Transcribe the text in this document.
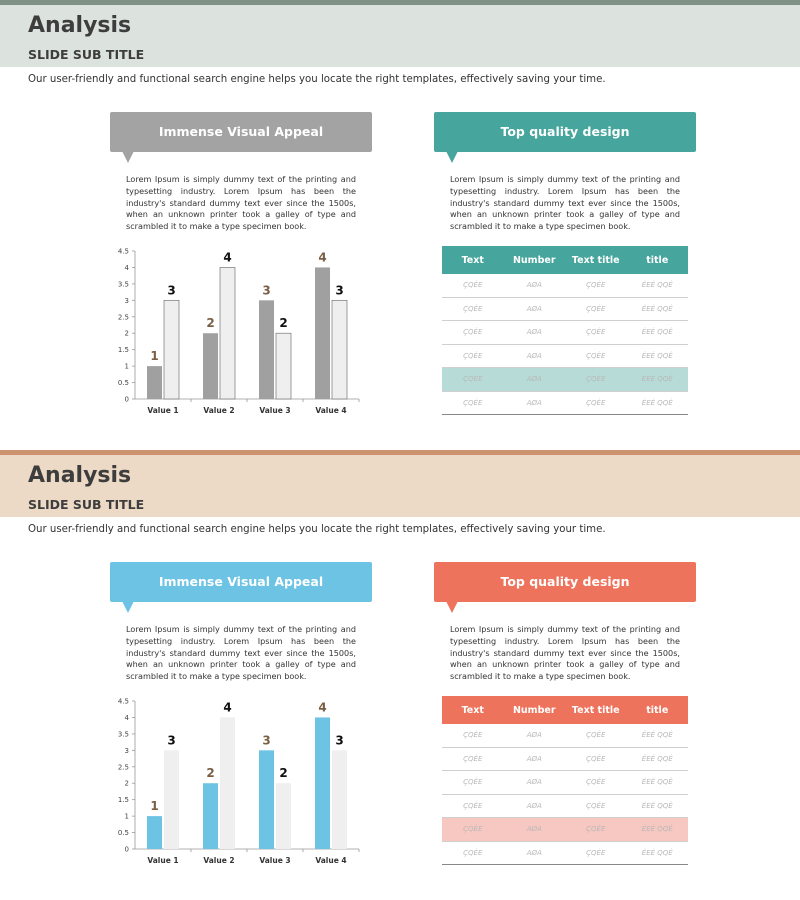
Analysis
SLIDE SUB TITLE
Our user-friendly and functional search engine helps you locate the right templates, effectively saving your time.
Immense Visual Appeal	Top quality design

Lorem Ipsum is simply dummy text of the printing and typesetting industry. Lorem Ipsum has been the industry's standard dummy text ever since the 1500s, when an unknown printer took a galley of type and scrambled it to make a type specimen book.

Lorem Ipsum is simply dummy text of the printing and typesetting industry. Lorem Ipsum has been the industry's standard dummy text ever since the 1500s, when an unknown printer took a galley of type and scrambled it to make a type specimen book.

0
0.5
1
1.5
2
2.5
3
3.5
4
4.5
Value 1
1
3
Value 2
2
4
Value 3
3
2
Value 4
4
3
Text	Number	Text title	title
ÇQÉE	AØA	ÇQÉE	ÉEÉ QQÉ
ÇQÉE	AØA	ÇQÉE	ÉEÉ QQÉ
ÇQÉE	AØA	ÇQÉE	ÉEÉ QQÉ
ÇQÉE	AØA	ÇQÉE	ÉEÉ QQÉ
ÇQÉE	AØA	ÇQÉE	ÉEÉ QQÉ
ÇQÉE	AØA	ÇQÉE	ÉEÉ QQÉ
Analysis
SLIDE SUB TITLE
Our user-friendly and functional search engine helps you locate the right templates, effectively saving your time.
Immense Visual Appeal	Top quality design

Lorem Ipsum is simply dummy text of the printing and typesetting industry. Lorem Ipsum has been the industry's standard dummy text ever since the 1500s, when an unknown printer took a galley of type and scrambled it to make a type specimen book.

Lorem Ipsum is simply dummy text of the printing and typesetting industry. Lorem Ipsum has been the industry's standard dummy text ever since the 1500s, when an unknown printer took a galley of type and scrambled it to make a type specimen book.

0
0.5
1
1.5
2
2.5
3
3.5
4
4.5
Value 1
1
3
Value 2
2
4
Value 3
3
2
Value 4
4
3
Text	Number	Text title	title
ÇQÉE	AØA	ÇQÉE	ÉEÉ QQÉ
ÇQÉE	AØA	ÇQÉE	ÉEÉ QQÉ
ÇQÉE	AØA	ÇQÉE	ÉEÉ QQÉ
ÇQÉE	AØA	ÇQÉE	ÉEÉ QQÉ
ÇQÉE	AØA	ÇQÉE	ÉEÉ QQÉ
ÇQÉE	AØA	ÇQÉE	ÉEÉ QQÉ
